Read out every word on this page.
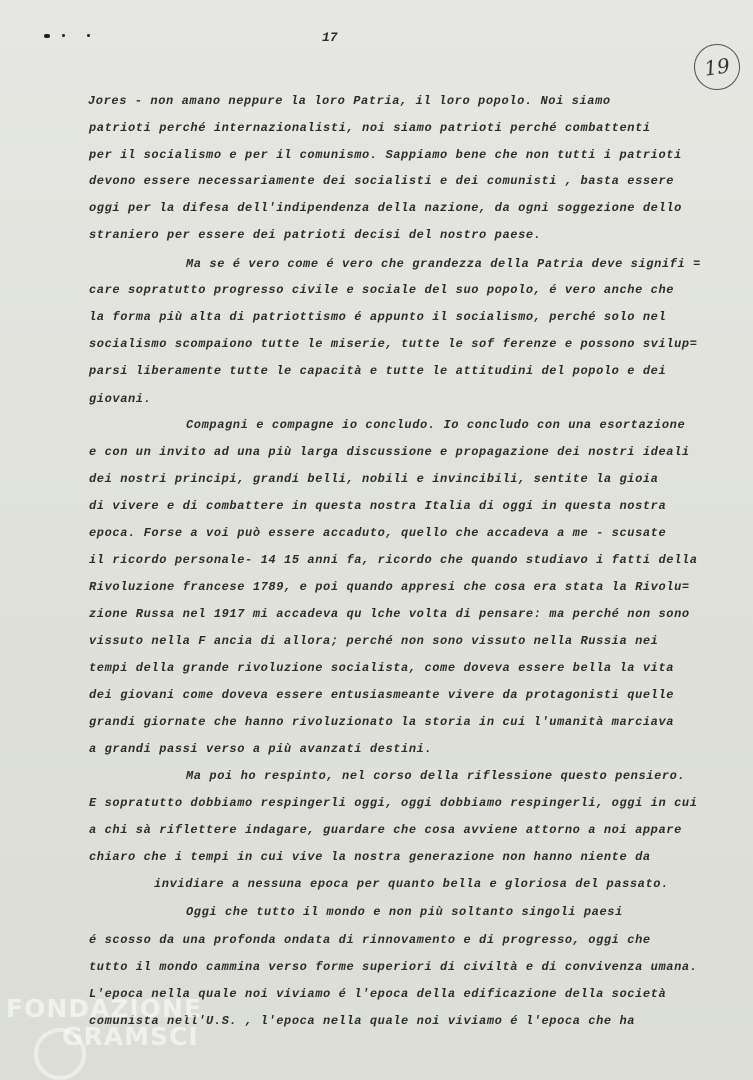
17
19
Jores - non amano neppure la loro Patria, il loro popolo. Noi siamo
patrioti perché internazionalisti, noi siamo patrioti perché combattenti
per il socialismo e per il comunismo. Sappiamo bene che non tutti i patrioti
devono essere necessariamente dei socialisti e dei comunisti , basta essere
oggi per la difesa dell'indipendenza della nazione, da ogni soggezione dello
straniero per essere dei patrioti decisi del nostro paese.
Ma se é vero come é vero che grandezza della Patria deve signifi =
care sopratutto progresso civile e sociale del suo popolo, é vero anche che
la forma più alta di patriottismo é appunto il socialismo, perché solo nel
socialismo scompaiono tutte le miserie, tutte le sof ferenze e possono svilup=
parsi liberamente tutte le capacità e tutte le attitudini del popolo e dei
giovani.
Compagni e compagne io concludo. Io concludo con una esortazione
e con un invito ad una più larga discussione e propagazione dei nostri ideali
dei nostri principi, grandi belli, nobili e invincibili, sentite la gioia
di vivere e di combattere in questa nostra Italia di oggi in questa nostra
epoca. Forse a voi può essere accaduto, quello che accadeva a me - scusate
il ricordo personale- 14 15 anni fa, ricordo che quando studiavo i fatti della
Rivoluzione francese 1789, e poi quando appresi che cosa era stata la Rivolu=
zione Russa nel 1917 mi accadeva qu lche volta di pensare: ma perché non sono
vissuto nella F ancia di allora; perché non sono vissuto nella Russia nei
tempi della grande rivoluzione socialista, come doveva essere bella la vita
dei giovani come doveva essere entusiasmeante vivere da protagonisti quelle
grandi giornate che hanno rivoluzionato la storia in cui l'umanità marciava
a grandi passi verso a più avanzati destini.
Ma poi ho respinto, nel corso della riflessione questo pensiero.
E sopratutto dobbiamo respingerli oggi, oggi dobbiamo respingerli, oggi in cui
a chi sà riflettere indagare, guardare che cosa avviene attorno a noi appare
chiaro che i tempi in cui vive la nostra generazione non hanno niente da
invidiare a nessuna epoca per quanto bella e gloriosa del passato.
Oggi che tutto il mondo e non più soltanto singoli paesi
é scosso da una profonda ondata di rinnovamento e di progresso, oggi che
tutto il mondo cammina verso forme superiori di civiltà e di convivenza umana.
L'epoca nella quale noi viviamo é l'epoca della edificazione della società
comunista nell'U.S. , l'epoca nella quale noi viviamo é l'epoca che ha
FONDAZIONE
GRAMSCI
